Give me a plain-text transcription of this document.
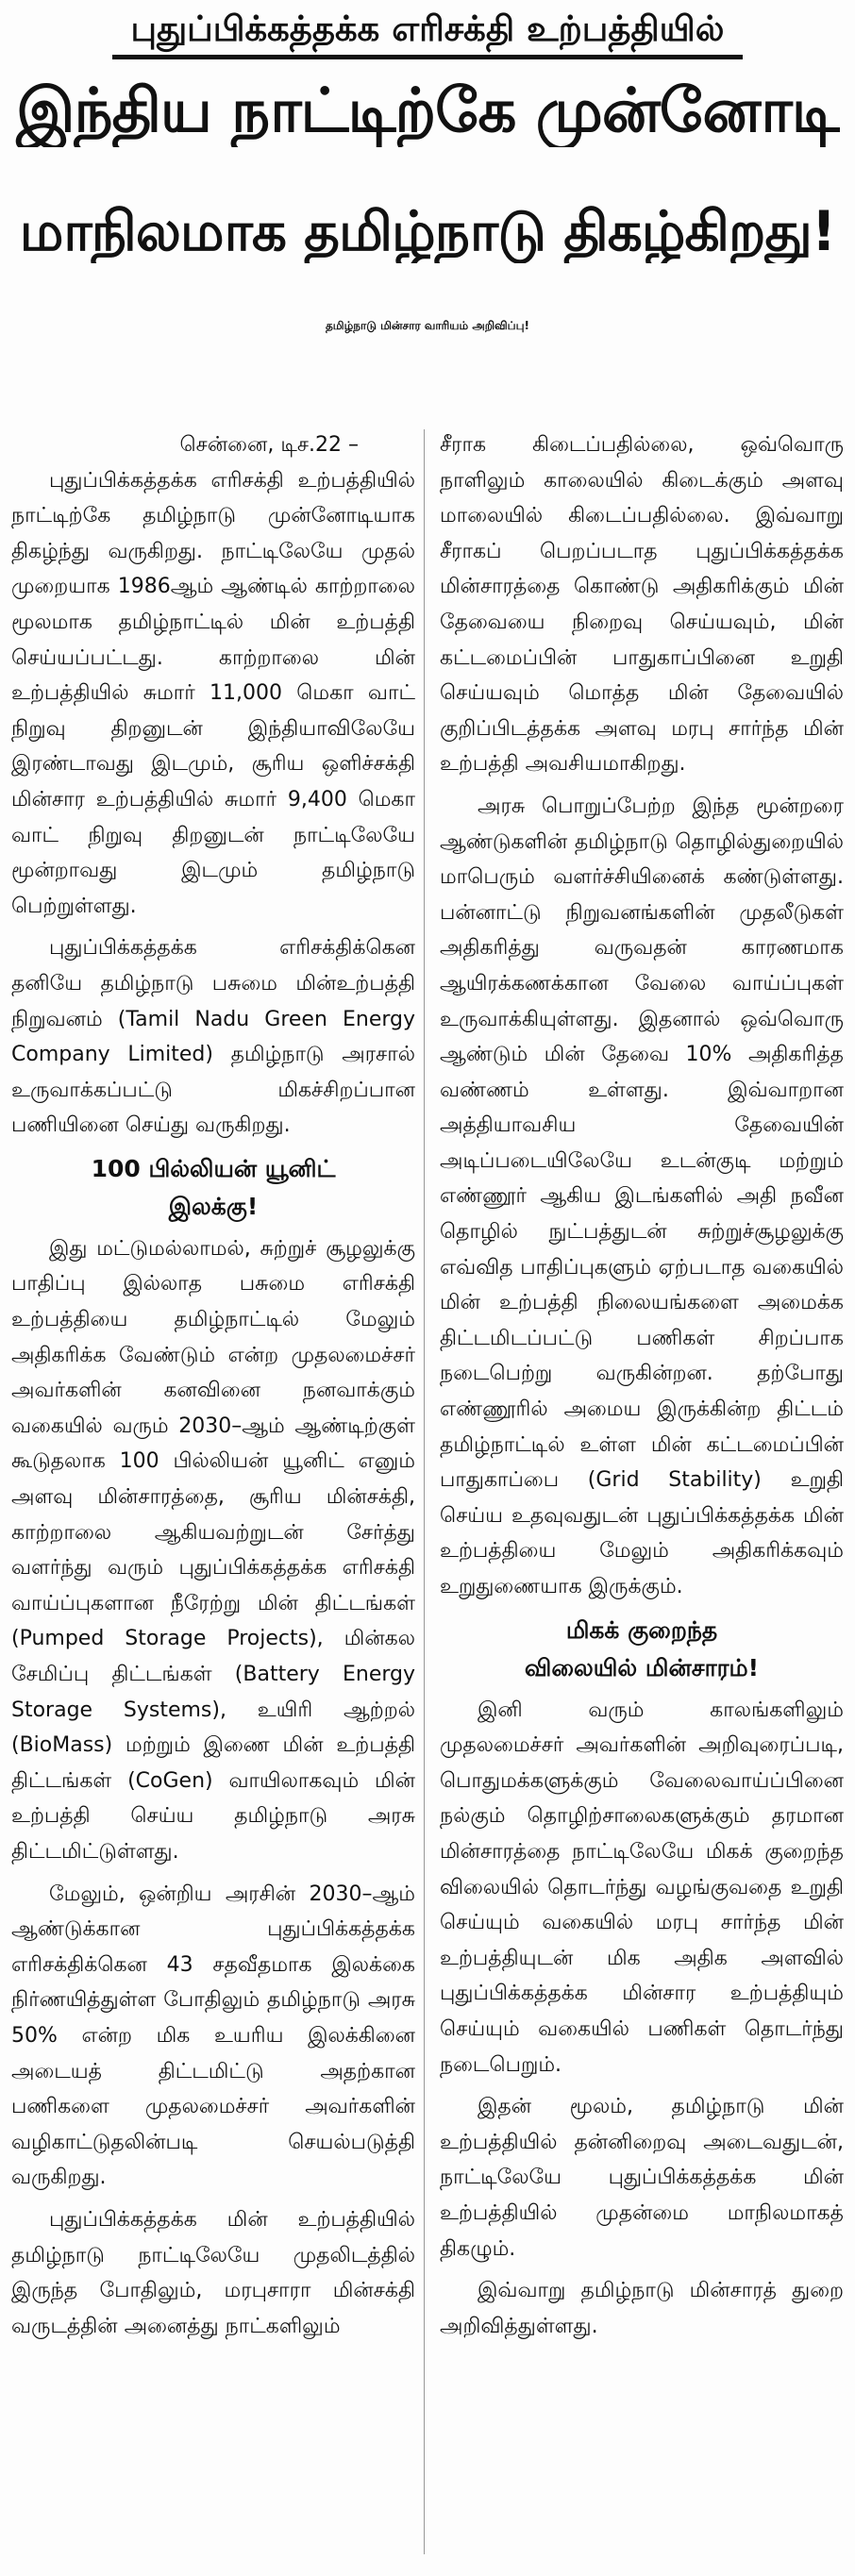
புதுப்பிக்கத்தக்க எரிசக்தி உற்பத்தியில்
இந்திய நாட்டிற்கே முன்னோடி
மாநிலமாக தமிழ்நாடு திகழ்கிறது!
தமிழ்நாடு மின்சார வாரியம் அறிவிப்பு!

சென்னை, டிச.22 –

புதுப்பிக்கத்தக்க எரிசக்தி உற்பத்தியில் நாட்டிற்கே தமிழ்நாடு முன்னோடியாக திகழ்ந்து வருகிறது. நாட்டிலேயே முதல் முறையாக 1986ஆம் ஆண்டில் காற்றாலை மூலமாக தமிழ்நாட்டில் மின் உற்பத்தி செய்யப்பட்டது. காற்றாலை மின் உற்பத்தியில் சுமார் 11,000 மெகா வாட் நிறுவு திறனுடன் இந்தியாவிலேயே இரண்டாவது இடமும், சூரிய ஒளிச்சக்தி மின்சார உற்பத்தியில் சுமார் 9,400 மெகா வாட் நிறுவு திறனுடன் நாட்டிலேயே மூன்றாவது இடமும் தமிழ்நாடு பெற்றுள்ளது.

புதுப்பிக்கத்தக்க எரிசக்திக்கென தனியே தமிழ்நாடு பசுமை மின்உற்பத்தி நிறுவனம் (Tamil Nadu Green Energy Company Limited) தமிழ்நாடு அரசால் உருவாக்கப்பட்டு மிகச்சிறப்பான பணியினை செய்து வருகிறது.

100 பில்லியன் யூனிட்
இலக்கு!

இது மட்டுமல்லாமல், சுற்றுச் சூழலுக்கு பாதிப்பு இல்லாத பசுமை எரிசக்தி உற்பத்தியை தமிழ்நாட்டில் மேலும் அதிகரிக்க வேண்டும் என்ற முதலமைச்சர் அவர்களின் கனவினை நனவாக்கும் வகையில் வரும் 2030–ஆம் ஆண்டிற்குள் கூடுதலாக 100 பில்லியன் யூனிட் எனும் அளவு மின்சாரத்தை, சூரிய மின்சக்தி, காற்றாலை ஆகியவற்றுடன் சேர்த்து வளர்ந்து வரும் புதுப்பிக்கத்தக்க எரிசக்தி வாய்ப்புகளான நீரேற்று மின் திட்டங்கள் (Pumped Storage Projects), மின்கல சேமிப்பு திட்டங்கள் (Battery Energy Storage Systems), உயிரி ஆற்றல் (BioMass) மற்றும் இணை மின் உற்பத்தி திட்டங்கள் (CoGen) வாயிலாகவும் மின் உற்பத்தி செய்ய தமிழ்நாடு அரசு திட்டமிட்டுள்ளது.

மேலும், ஒன்றிய அரசின் 2030–ஆம் ஆண்டுக்கான புதுப்பிக்கத்தக்க எரிசக்திக்கென 43 சதவீதமாக இலக்கை நிர்ணயித்துள்ள போதிலும் தமிழ்நாடு அரசு 50% என்ற மிக உயரிய இலக்கினை அடையத் திட்டமிட்டு அதற்கான பணிகளை முதலமைச்சர் அவர்களின் வழிகாட்டுதலின்படி செயல்படுத்தி வருகிறது.

புதுப்பிக்கத்தக்க மின் உற்பத்தியில் தமிழ்நாடு நாட்டிலேயே முதலிடத்தில் இருந்த போதிலும், மரபுசாரா மின்சக்தி வருடத்தின் அனைத்து நாட்களிலும்

சீராக கிடைப்பதில்லை, ஒவ்வொரு நாளிலும் காலையில் கிடைக்கும் அளவு மாலையில் கிடைப்பதில்லை. இவ்வாறு சீராகப் பெறப்படாத புதுப்பிக்கத்தக்க மின்சாரத்தை கொண்டு அதிகரிக்கும் மின் தேவையை நிறைவு செய்யவும், மின் கட்டமைப்பின் பாதுகாப்பினை உறுதி செய்யவும் மொத்த மின் தேவையில் குறிப்பிடத்தக்க அளவு மரபு சார்ந்த மின் உற்பத்தி அவசியமாகிறது.

அரசு பொறுப்பேற்ற இந்த மூன்றரை ஆண்டுகளின் தமிழ்நாடு தொழில்துறையில் மாபெரும் வளர்ச்சியினைக் கண்டுள்ளது. பன்னாட்டு நிறுவனங்களின் முதலீடுகள் அதிகரித்து வருவதன் காரணமாக ஆயிரக்கணக்கான வேலை வாய்ப்புகள் உருவாக்கியுள்ளது. இதனால் ஒவ்வொரு ஆண்டும் மின் தேவை 10% அதிகரித்த வண்ணம் உள்ளது. இவ்வாறான அத்தியாவசிய தேவையின் அடிப்படையிலேயே உடன்குடி மற்றும் எண்ணூர் ஆகிய இடங்களில் அதி நவீன தொழில் நுட்பத்துடன் சுற்றுச்சூழலுக்கு எவ்வித பாதிப்புகளும் ஏற்படாத வகையில் மின் உற்பத்தி நிலையங்களை அமைக்க திட்டமிடப்பட்டு பணிகள் சிறப்பாக நடைபெற்று வருகின்றன. தற்போது எண்ணூரில் அமைய இருக்கின்ற திட்டம் தமிழ்நாட்டில் உள்ள மின் கட்டமைப்பின் பாதுகாப்பை (Grid Stability) உறுதி செய்ய உதவுவதுடன் புதுப்பிக்கத்தக்க மின் உற்பத்தியை மேலும் அதிகரிக்கவும் உறுதுணையாக இருக்கும்.

மிகக் குறைந்த
விலையில் மின்சாரம்!

இனி வரும் காலங்களிலும் முதலமைச்சர் அவர்களின் அறிவுரைப்படி, பொதுமக்களுக்கும் வேலைவாய்ப்பினை நல்கும் தொழிற்சாலைகளுக்கும் தரமான மின்சாரத்தை நாட்டிலேயே மிகக் குறைந்த விலையில் தொடர்ந்து வழங்குவதை உறுதி செய்யும் வகையில் மரபு சார்ந்த மின் உற்பத்தியுடன் மிக அதிக அளவில் புதுப்பிக்கத்தக்க மின்சார உற்பத்தியும் செய்யும் வகையில் பணிகள் தொடர்ந்து நடைபெறும்.

இதன் மூலம், தமிழ்நாடு மின் உற்பத்தியில் தன்னிறைவு அடைவதுடன், நாட்டிலேயே புதுப்பிக்கத்தக்க மின் உற்பத்தியில் முதன்மை மாநிலமாகத் திகழும்.

இவ்வாறு தமிழ்நாடு மின்சாரத் துறை அறிவித்துள்ளது.
